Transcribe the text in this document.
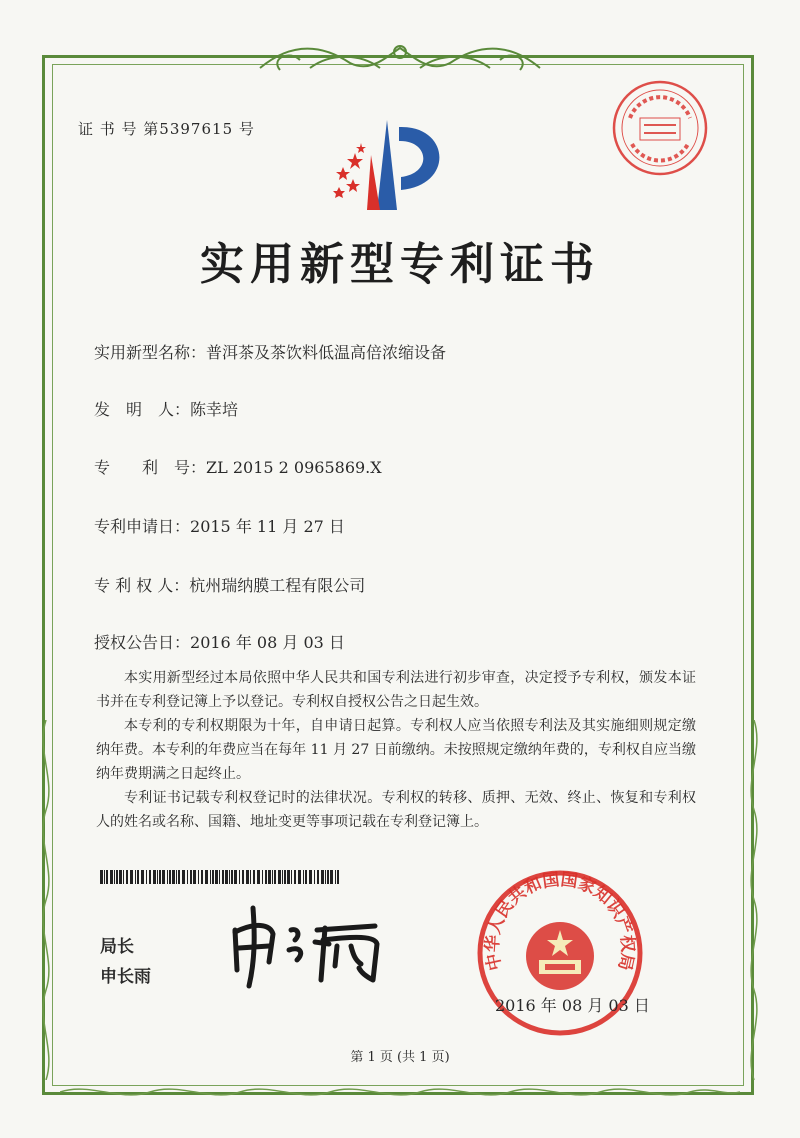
证 书 号 第5397615 号
实用新型专利证书
实用新型名称：普洱茶及茶饮料低温高倍浓缩设备
发　明　人：陈幸培
专　　利　号：ZL 2015 2 0965869.X
专利申请日：2015 年 11 月 27 日
专 利 权 人：杭州瑞纳膜工程有限公司
授权公告日：2016 年 08 月 03 日
本实用新型经过本局依照中华人民共和国专利法进行初步审查，决定授予专利权，颁发本证书并在专利登记簿上予以登记。专利权自授权公告之日起生效。
本专利的专利权期限为十年，自申请日起算。专利权人应当依照专利法及其实施细则规定缴纳年费。本专利的年费应当在每年 11 月 27 日前缴纳。未按照规定缴纳年费的，专利权自应当缴纳年费期满之日起终止。
专利证书记载专利权登记时的法律状况。专利权的转移、质押、无效、终止、恢复和专利权人的姓名或名称、国籍、地址变更等事项记载在专利登记簿上。
局长
申长雨
中华人民共和国国家知识产权局
2016 年 08 月 03 日
第 1 页 (共 1 页)
